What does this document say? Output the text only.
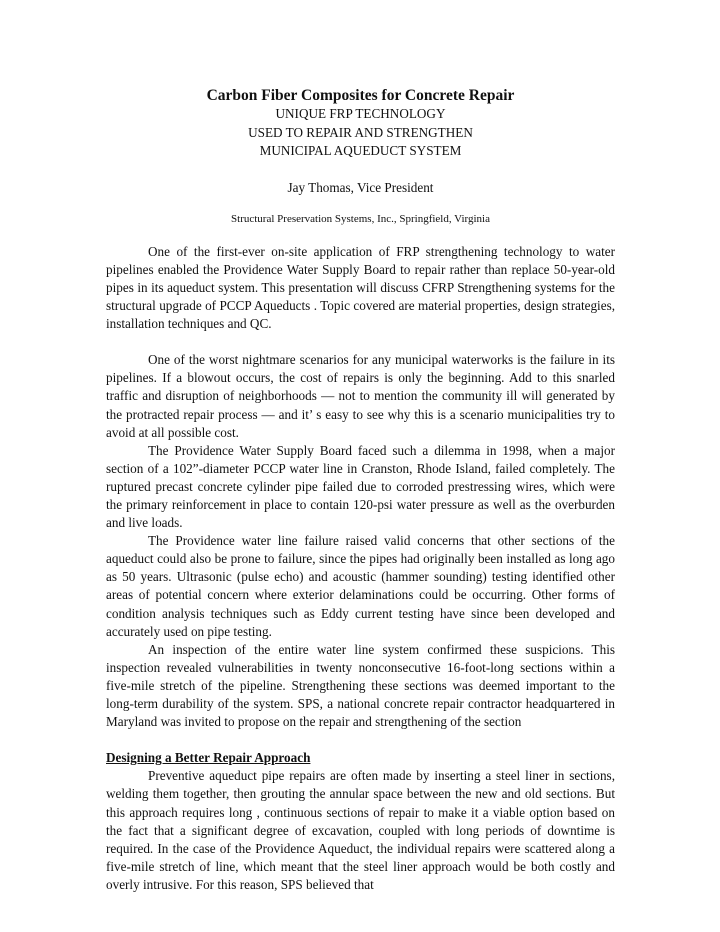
Carbon Fiber Composites for Concrete Repair

UNIQUE FRP TECHNOLOGY

USED TO REPAIR AND STRENGTHEN

MUNICIPAL AQUEDUCT SYSTEM

Jay Thomas, Vice President

Structural Preservation Systems, Inc., Springfield, Virginia

One of the first-ever on-site application of FRP strengthening technology to water pipelines enabled the Providence Water Supply Board to repair rather than replace 50-year-old pipes in its aqueduct system. This presentation will discuss CFRP Strengthening systems for the structural upgrade of PCCP Aqueducts . Topic covered are material properties, design strategies, installation techniques and QC.

One of the worst nightmare scenarios for any municipal waterworks is the failure in its pipelines. If a blowout occurs, the cost of repairs is only the beginning. Add to this snarled traffic and disruption of neighborhoods — not to mention the community ill will generated by the protracted repair process — and it’ s easy to see why this is a scenario municipalities try to avoid at all possible cost.

The Providence Water Supply Board faced such a dilemma in 1998, when a major section of a 102”-diameter PCCP water line in Cranston, Rhode Island, failed completely. The ruptured precast concrete cylinder pipe failed due to corroded prestressing wires, which were the primary reinforcement in place to contain 120-psi water pressure as well as the overburden and live loads.

The Providence water line failure raised valid concerns that other sections of the aqueduct could also be prone to failure, since the pipes had originally been installed as long ago as 50 years. Ultrasonic (pulse echo) and acoustic (hammer sounding) testing identified other areas of potential concern where exterior delaminations could be occurring. Other forms of condition analysis techniques such as Eddy current testing have since been developed and accurately used on pipe testing.

An inspection of the entire water line system confirmed these suspicions. This inspection revealed vulnerabilities in twenty nonconsecutive 16-foot-long sections within a five-mile stretch of the pipeline. Strengthening these sections was deemed important to the long-term durability of the system. SPS, a national concrete repair contractor headquartered in Maryland was invited to propose on the repair and strengthening of the section

Designing a Better Repair Approach

Preventive aqueduct pipe repairs are often made by inserting a steel liner in sections, welding them together, then grouting the annular space between the new and old sections. But this approach requires long , continuous sections of repair to make it a viable option based on the fact that a significant degree of excavation, coupled with long periods of downtime is required. In the case of the Providence Aqueduct, the individual repairs were scattered along a five-mile stretch of line, which meant that the steel liner approach would be both costly and overly intrusive. For this reason, SPS believed that
